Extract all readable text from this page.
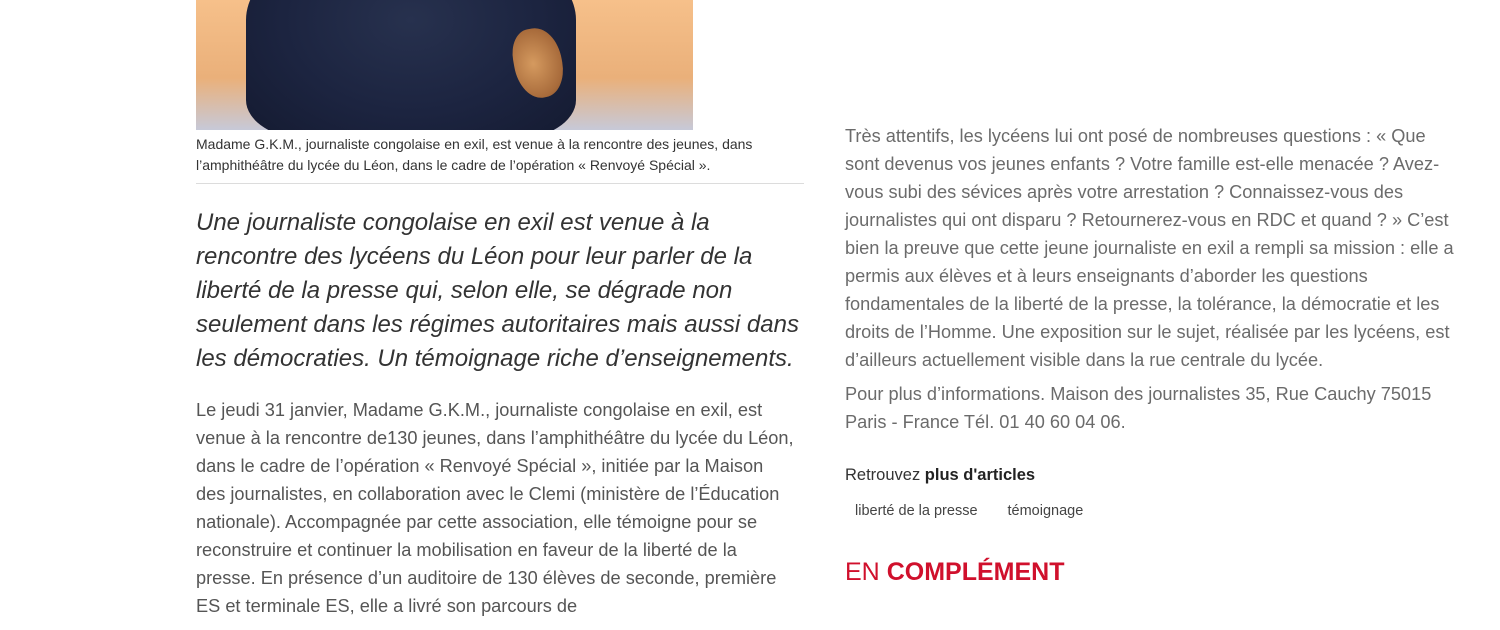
Madame G.K.M., journaliste congolaise en exil, est venue à la rencontre des jeunes, dans l’amphithéâtre du lycée du Léon, dans le cadre de l’opération « Renvoyé Spécial ».
Une journaliste congolaise en exil est venue à la rencontre des lycéens du Léon pour leur parler de la liberté de la presse qui, selon elle, se dégrade non seulement dans les régimes autoritaires mais aussi dans les démocraties. Un témoignage riche d’enseignements.
Le jeudi 31 janvier, Madame G.K.M., journaliste congolaise en exil, est venue à la rencontre de130 jeunes, dans l’amphithéâtre du lycée du Léon, dans le cadre de l’opération « Renvoyé Spécial », initiée par la Maison des journalistes, en collaboration avec le Clemi (ministère de l’Éducation nationale). Accompagnée par cette association, elle témoigne pour se reconstruire et continuer la mobilisation en faveur de la liberté de la presse. En présence d’un auditoire de 130 élèves de seconde, première ES et terminale ES, elle a livré son parcours de

Très attentifs, les lycéens lui ont posé de nombreuses questions : « Que sont devenus vos jeunes enfants ? Votre famille est-elle menacée ? Avez-vous subi des sévices après votre arrestation ? Connaissez-vous des journalistes qui ont disparu ? Retournerez-vous en RDC et quand ? » C’est bien la preuve que cette jeune journaliste en exil a rempli sa mission : elle a permis aux élèves et à leurs enseignants d’aborder les questions fondamentales de la liberté de la presse, la tolérance, la démocratie et les droits de l’Homme. Une exposition sur le sujet, réalisée par les lycéens, est d’ailleurs actuellement visible dans la rue centrale du lycée.

Pour plus d’informations. Maison des journalistes 35, Rue Cauchy 75015 Paris - France Tél. 01 40 60 04 06.

Retrouvez plus d'articles
liberté de la presse	témoignage
EN COMPLÉMENT
